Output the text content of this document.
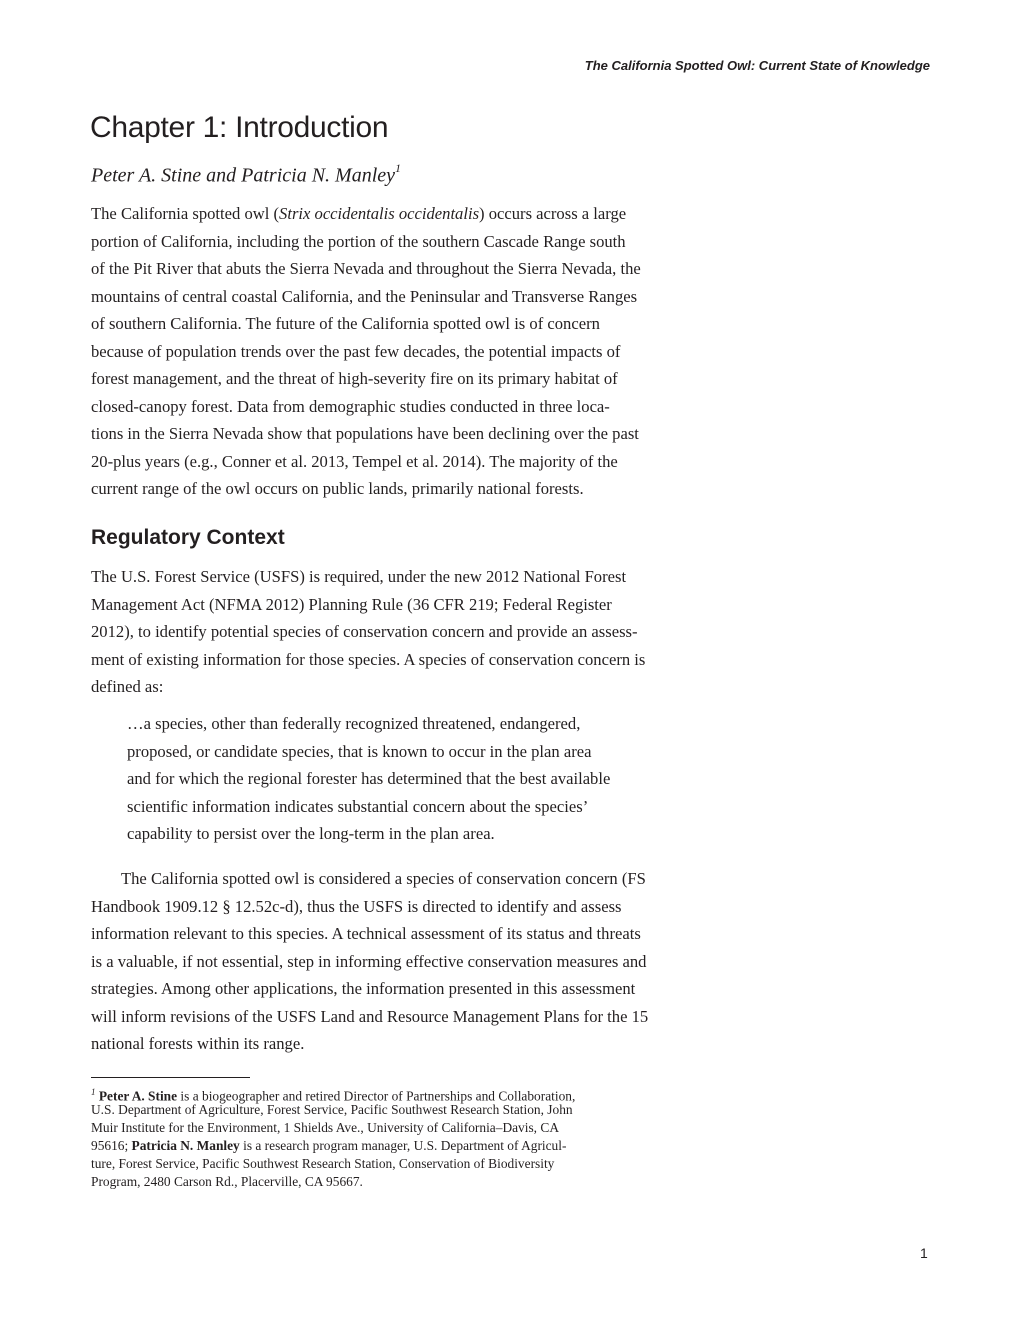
The California Spotted Owl: Current State of Knowledge
Chapter 1: Introduction
Peter A. Stine and Patricia N. Manley$^1$
The California spotted owl (Strix occidentalis occidentalis) occurs across a large
portion of California, including the portion of the southern Cascade Range south
of the Pit River that abuts the Sierra Nevada and throughout the Sierra Nevada, the
mountains of central coastal California, and the Peninsular and Transverse Ranges
of southern California. The future of the California spotted owl is of concern
because of population trends over the past few decades, the potential impacts of
forest management, and the threat of high-severity fire on its primary habitat of
closed-canopy forest. Data from demographic studies conducted in three loca-
tions in the Sierra Nevada show that populations have been declining over the past
20-plus years (e.g., Conner et al. 2013, Tempel et al. 2014). The majority of the
current range of the owl occurs on public lands, primarily national forests.
Regulatory Context
The U.S. Forest Service (USFS) is required, under the new 2012 National Forest
Management Act (NFMA 2012) Planning Rule (36 CFR 219; Federal Register
2012), to identify potential species of conservation concern and provide an assess-
ment of existing information for those species. A species of conservation concern is
defined as:
…a species, other than federally recognized threatened, endangered,
proposed, or candidate species, that is known to occur in the plan area
and for which the regional forester has determined that the best available
scientific information indicates substantial concern about the species’
capability to persist over the long-term in the plan area.
The California spotted owl is considered a species of conservation concern (FS
Handbook 1909.12 § 12.52c-d), thus the USFS is directed to identify and assess
information relevant to this species. A technical assessment of its status and threats
is a valuable, if not essential, step in informing effective conservation measures and
strategies. Among other applications, the information presented in this assessment
will inform revisions of the USFS Land and Resource Management Plans for the 15
national forests within its range.
$^1$ Peter A. Stine is a biogeographer and retired Director of Partnerships and Collaboration,
U.S. Department of Agriculture, Forest Service, Pacific Southwest Research Station, John
Muir Institute for the Environment, 1 Shields Ave., University of California–Davis, CA
95616; Patricia N. Manley is a research program manager, U.S. Department of Agricul-
ture, Forest Service, Pacific Southwest Research Station, Conservation of Biodiversity
Program, 2480 Carson Rd., Placerville, CA 95667.
1
